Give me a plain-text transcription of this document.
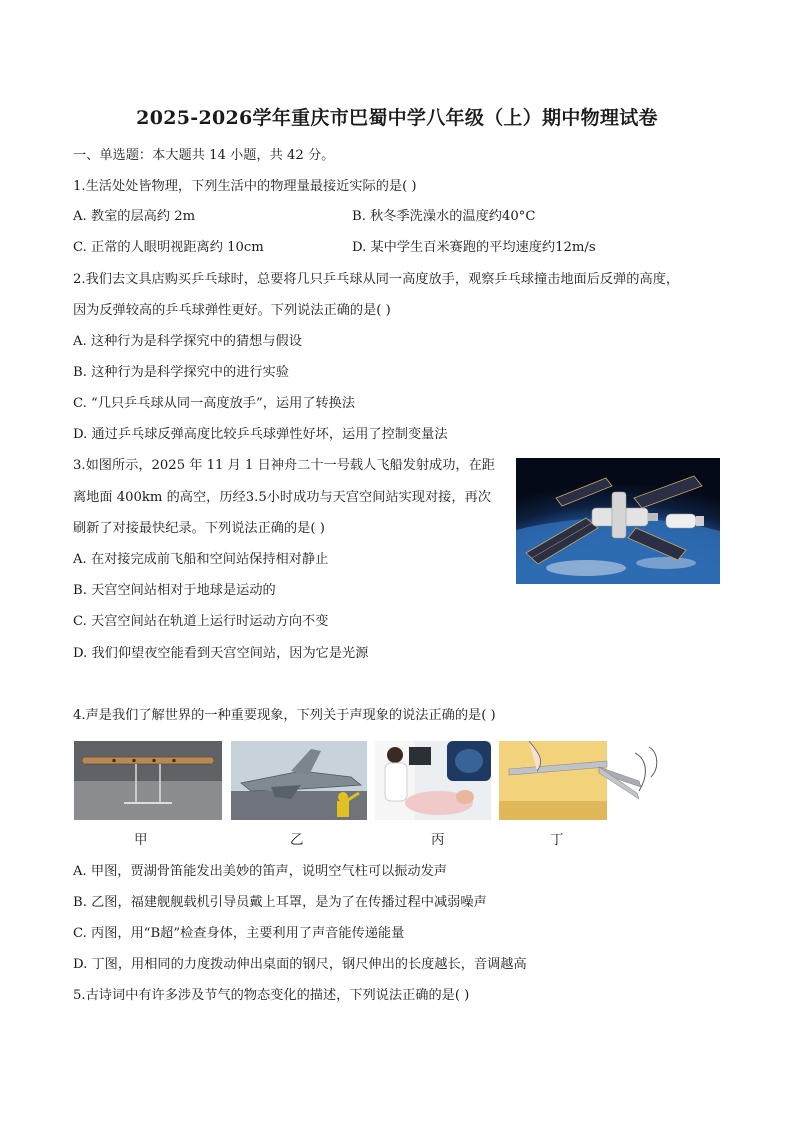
2025-2026学年重庆市巴蜀中学八年级（上）期中物理试卷
一、单选题：本大题共 14 小题，共 42 分。
1.生活处处皆物理，下列生活中的物理量最接近实际的是( )
A. 教室的层高约 2m	B. 秋冬季洗澡水的温度约40°C
C. 正常的人眼明视距离约 10cm	D. 某中学生百米赛跑的平均速度约12m/s
2.我们去文具店购买乒乓球时，总要将几只乒乓球从同一高度放手，观察乒乓球撞击地面后反弹的高度，
因为反弹较高的乒乓球弹性更好。下列说法正确的是( )
A. 这种行为是科学探究中的猜想与假设
B. 这种行为是科学探究中的进行实验
C. “几只乒乓球从同一高度放手”，运用了转换法
D. 通过乒乓球反弹高度比较乒乓球弹性好坏，运用了控制变量法
3.如图所示，2025 年 11 月 1 日神舟二十一号载人飞船发射成功，在距
离地面 400km 的高空，历经3.5小时成功与天宫空间站实现对接，再次
刷新了对接最快纪录。下列说法正确的是( )
A. 在对接完成前飞船和空间站保持相对静止
B. 天宫空间站相对于地球是运动的
C. 天宫空间站在轨道上运行时运动方向不变
D. 我们仰望夜空能看到天宫空间站，因为它是光源
4.声是我们了解世界的一种重要现象，下列关于声现象的说法正确的是( )
甲	乙	丙	丁
A. 甲图，贾湖骨笛能发出美妙的笛声，说明空气柱可以振动发声
B. 乙图，福建舰舰载机引导员戴上耳罩，是为了在传播过程中减弱噪声
C. 丙图，用“B超”检查身体，主要利用了声音能传递能量
D. 丁图，用相同的力度拨动伸出桌面的钢尺，钢尺伸出的长度越长，音调越高
5.古诗词中有许多涉及节气的物态变化的描述，下列说法正确的是( )
